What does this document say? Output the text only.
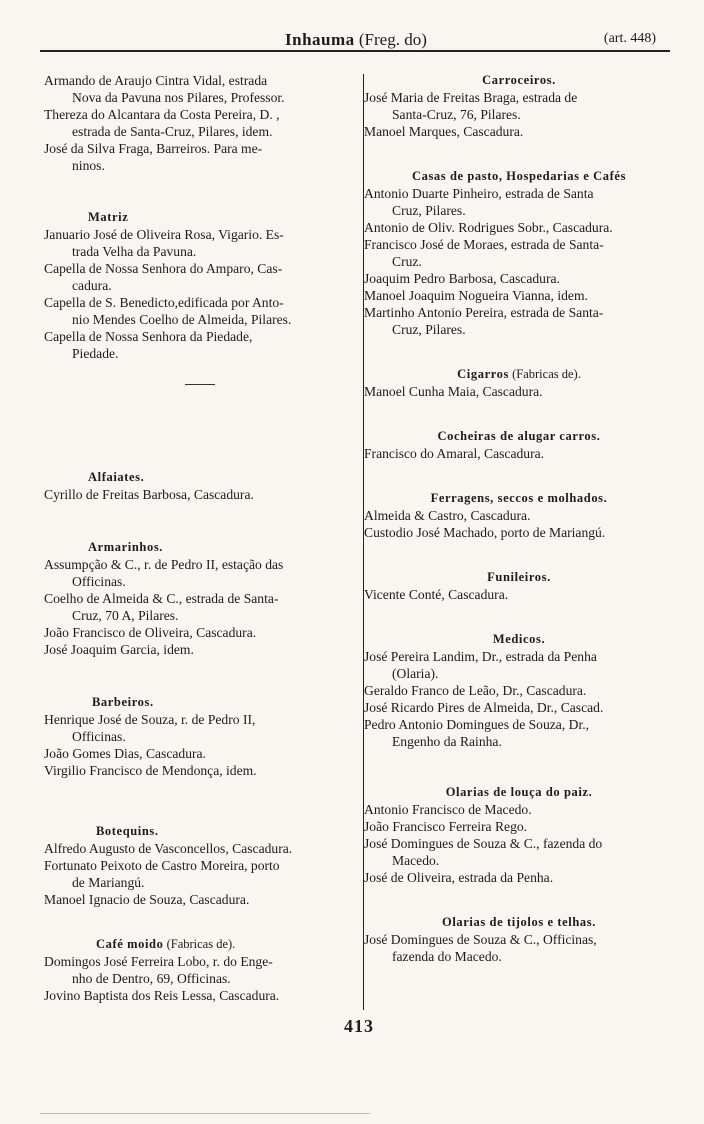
Inhauma (Freg. do)	(art. 448)

Armando de Araujo Cintra Vidal, estrada
Nova da Pavuna nos Pilares, Professor.

Thereza do Alcantara da Costa Pereira, D. ,
estrada de Santa-Cruz, Pilares, idem.

José da Silva Fraga, Barreiros. Para me-
ninos.

Matriz

Januario José de Oliveira Rosa, Vigario. Es-
trada Velha da Pavuna.

Capella de Nossa Senhora do Amparo, Cas-
cadura.

Capella de S. Benedicto,edificada por Anto-
nio Mendes Coelho de Almeida, Pilares.

Capella de Nossa Senhora da Piedade,
Piedade.

Alfaiates.

Cyrillo de Freitas Barbosa, Cascadura.

Armarinhos.

Assumpção & C., r. de Pedro II, estação das
Officinas.

Coelho de Almeida & C., estrada de Santa-
Cruz, 70 A, Pilares.

João Francisco de Oliveira, Cascadura.

José Joaquim Garcia, idem.

Barbeiros.

Henrique José de Souza, r. de Pedro II,
Officinas.

João Gomes Dias, Cascadura.

Virgilio Francisco de Mendonça, idem.

Botequins.

Alfredo Augusto de Vasconcellos, Cascadura.

Fortunato Peixoto de Castro Moreira, porto
de Mariangú.

Manoel Ignacio de Souza, Cascadura.

Café moido (Fabricas de).

Domingos José Ferreira Lobo, r. do Enge-
nho de Dentro, 69, Officinas.

Jovino Baptista dos Reis Lessa, Cascadura.

Carroceiros.

José Maria de Freitas Braga, estrada de
Santa-Cruz, 76, Pilares.

Manoel Marques, Cascadura.

Casas de pasto, Hospedarias e Cafés

Antonio Duarte Pinheiro, estrada de Santa
Cruz, Pilares.

Antonio de Oliv. Rodrigues Sobr., Cascadura.

Francisco José de Moraes, estrada de Santa-
Cruz.

Joaquim Pedro Barbosa, Cascadura.

Manoel Joaquim Nogueira Vianna, idem.

Martinho Antonio Pereira, estrada de Santa-
Cruz, Pilares.

Cigarros (Fabricas de).

Manoel Cunha Maia, Cascadura.

Cocheiras de alugar carros.

Francisco do Amaral, Cascadura.

Ferragens, seccos e molhados.

Almeida & Castro, Cascadura.

Custodio José Machado, porto de Mariangú.

Funileiros.

Vicente Conté, Cascadura.

Medicos.

José Pereira Landim, Dr., estrada da Penha
(Olaria).

Geraldo Franco de Leão, Dr., Cascadura.

José Ricardo Pires de Almeida, Dr., Cascad.

Pedro Antonio Domingues de Souza, Dr.,
Engenho da Rainha.

Olarias de louça do paiz.

Antonio Francisco de Macedo.

João Francisco Ferreira Rego.

José Domingues de Souza & C., fazenda do
Macedo.

José de Oliveira, estrada da Penha.

Olarias de tijolos e telhas.

José Domingues de Souza & C., Officinas,
fazenda do Macedo.

413
